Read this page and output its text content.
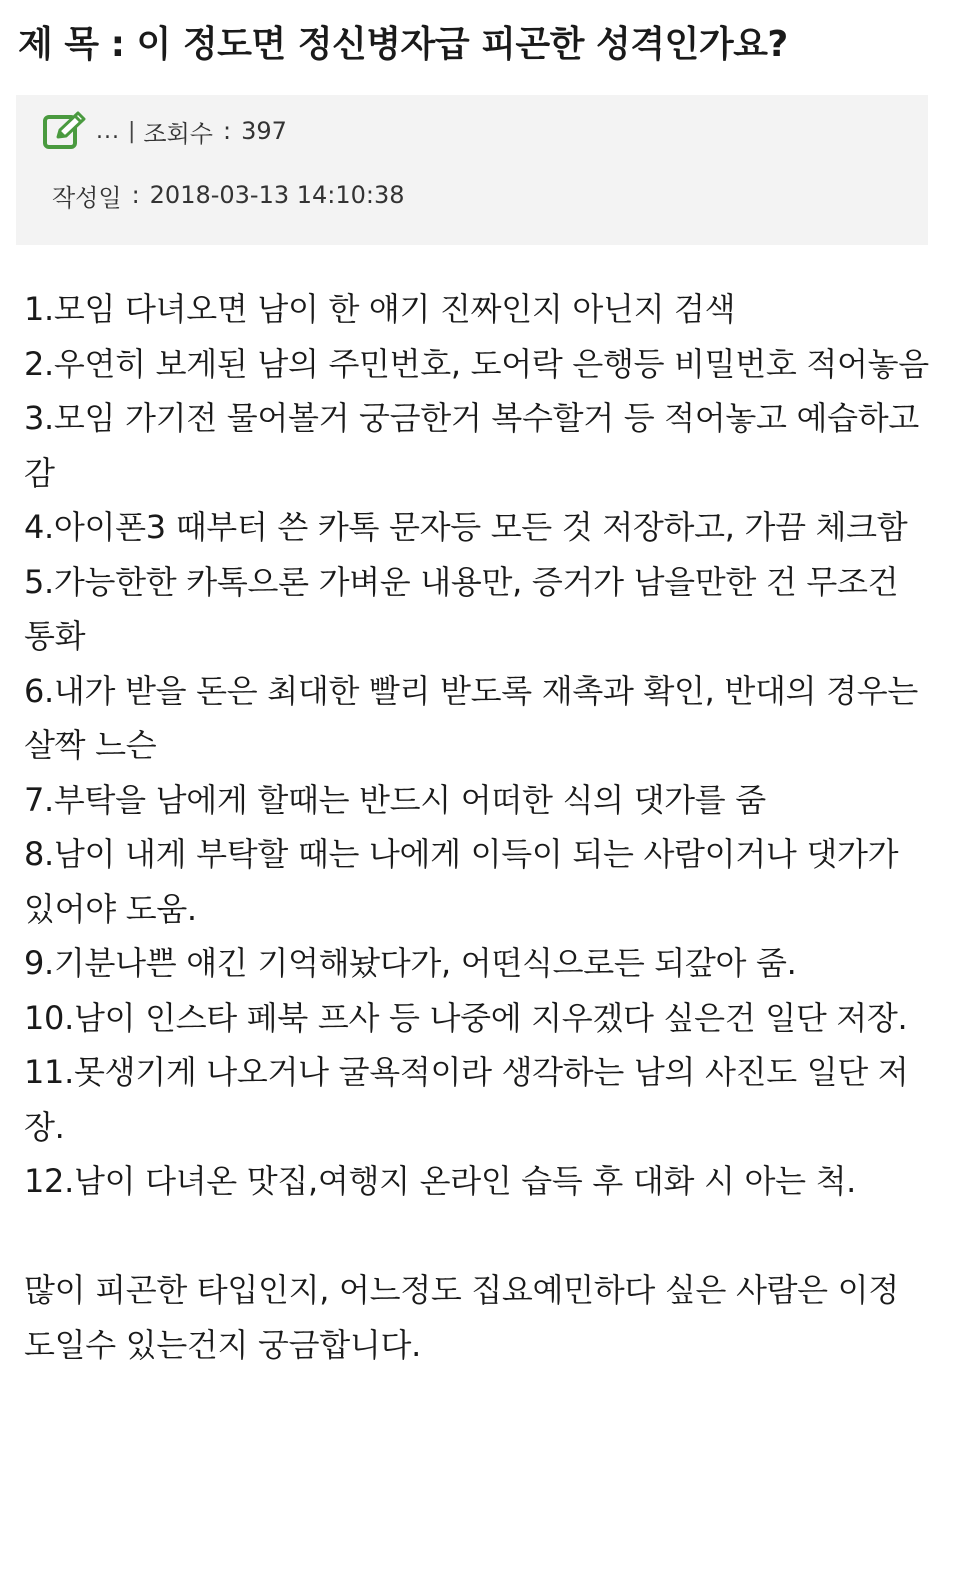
제 목 : 이 정도면 정신병자급 피곤한 성격인가요?
... | 조회수 : 397
작성일 : 2018-03-13 14:10:38

1.모임 다녀오면 남이 한 얘기 진짜인지 아닌지 검색

2.우연히 보게된 남의 주민번호, 도어락 은행등 비밀번호 적어놓음

3.모임 가기전 물어볼거 궁금한거 복수할거 등 적어놓고 예습하고 감

4.아이폰3 때부터 쓴 카톡 문자등 모든 것 저장하고, 가끔 체크함

5.가능한한 카톡으론 가벼운 내용만, 증거가 남을만한 건 무조건 통화

6.내가 받을 돈은 최대한 빨리 받도록 재촉과 확인, 반대의 경우는 살짝 느슨

7.부탁을 남에게 할때는 반드시 어떠한 식의 댓가를 줌

8.남이 내게 부탁할 때는 나에게 이득이 되는 사람이거나 댓가가 있어야 도움.

9.기분나쁜 얘긴 기억해놨다가, 어떤식으로든 되갚아 줌.

10.남이 인스타 페북 프사 등 나중에 지우겠다 싶은건 일단 저장.

11.못생기게 나오거나 굴욕적이라 생각하는 남의 사진도 일단 저장.

12.남이 다녀온 맛집,여행지 온라인 습득 후 대화 시 아는 척.

많이 피곤한 타입인지, 어느정도 집요예민하다 싶은 사람은 이정도일수 있는건지 궁금합니다.
